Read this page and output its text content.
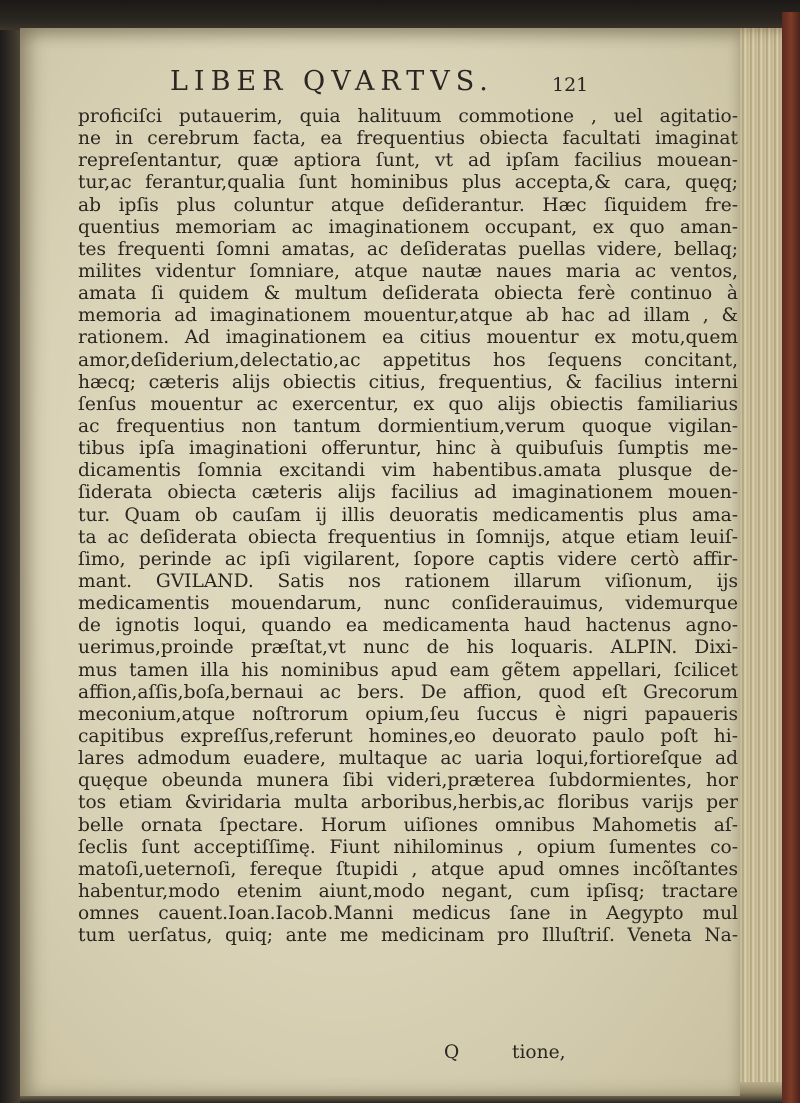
LIBER QVARTVS.	121
proficiſci putauerim, quia halituum commotione , uel agitatio-
ne in cerebrum facta, ea frequentius obiecta facultati imaginat
repreſentantur, quæ aptiora ſunt, vt ad ipſam facilius mouean-
tur,ac ferantur,qualia ſunt hominibus plus accepta,& cara, quęq;
ab ipſis plus coluntur atque deſiderantur. Hæc ſiquidem fre-
quentius memoriam ac imaginationem occupant, ex quo aman-
tes frequenti ſomni amatas, ac deſideratas puellas videre, bellaq;
milites videntur ſomniare, atque nautæ naues maria ac ventos,
amata ſi quidem & multum deſiderata obiecta ferè continuo à
memoria ad imaginationem mouentur,atque ab hac ad illam , &
rationem. Ad imaginationem ea citius mouentur ex motu,quem
amor,deſiderium,delectatio,ac appetitus hos ſequens concitant,
hæcq; cæteris alijs obiectis citius, frequentius, & facilius interni
ſenſus mouentur ac exercentur, ex quo alijs obiectis familiarius
ac frequentius non tantum dormientium,verum quoque vigilan-
tibus ipſa imaginationi offeruntur, hinc à quibuſuis ſumptis me-
dicamentis ſomnia excitandi vim habentibus.amata plusque de-
ſiderata obiecta cæteris alijs facilius ad imaginationem mouen-
tur. Quam ob cauſam ij illis deuoratis medicamentis plus ama-
ta ac deſiderata obiecta frequentius in ſomnijs, atque etiam leuiſ-
ſimo, perinde ac ipſi vigilarent, ſopore captis videre certò affir-
mant. GVILAND. Satis nos rationem illarum viſionum, ijs
medicamentis mouendarum, nunc conſiderauimus, videmurque
de ignotis loqui, quando ea medicamenta haud hactenus agno-
uerimus,proinde præſtat,vt nunc de his loquaris. ALPIN. Dixi-
mus tamen illa his nominibus apud eam gẽtem appellari, ſcilicet
affion,aſſis,boſa,bernaui ac bers. De affion, quod eſt Grecorum
meconium,atque noſtrorum opium,ſeu ſuccus è nigri papaueris
capitibus expreſſus,referunt homines,eo deuorato paulo poſt hi-
lares admodum euadere, multaque ac uaria loqui,fortioreſque ad
quęque obeunda munera ſibi videri,præterea ſubdormientes, hor
tos etiam &viridaria multa arboribus,herbis,ac floribus varijs per
belle ornata ſpectare. Horum uiſiones omnibus Mahometis aſ-
ſeclis ſunt acceptiſſimę. Fiunt nihilominus , opium ſumentes co-
matoſi,ueternoſi, fereque ſtupidi , atque apud omnes incõſtantes
habentur,modo etenim aiunt,modo negant, cum ipſisq; tractare
omnes cauent.Ioan.Iacob.Manni medicus ſane in Aegypto mul
tum uerſatus, quiq; ante me medicinam pro Illuſtriſ. Veneta Na-
Q	tione,
